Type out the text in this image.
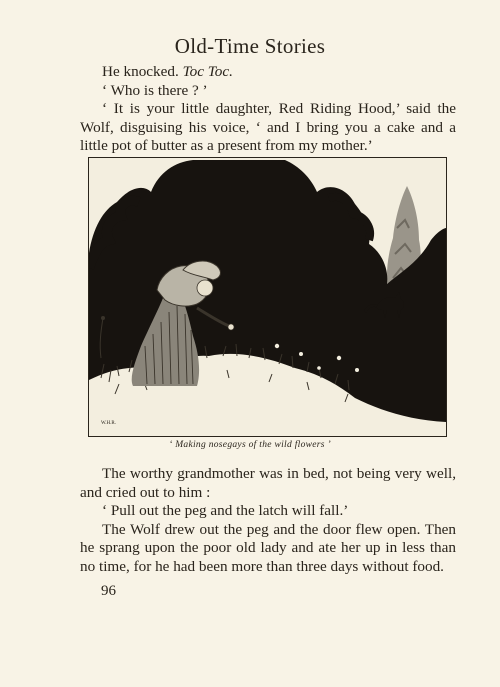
Old-Time Stories

He knocked. Toc Toc.

‘ Who is there ? ’

‘ It is your little daughter, Red Riding Hood,’ said the Wolf, disguising his voice, ‘ and I bring you a cake and a little pot of butter as a present from my mother.’

W.H.R.
‘ Making nosegays of the wild flowers ’

The worthy grandmother was in bed, not being very well, and cried out to him :

‘ Pull out the peg and the latch will fall.’

The Wolf drew out the peg and the door flew open. Then he sprang upon the poor old lady and ate her up in less than no time, for he had been more than three days without food.

96
